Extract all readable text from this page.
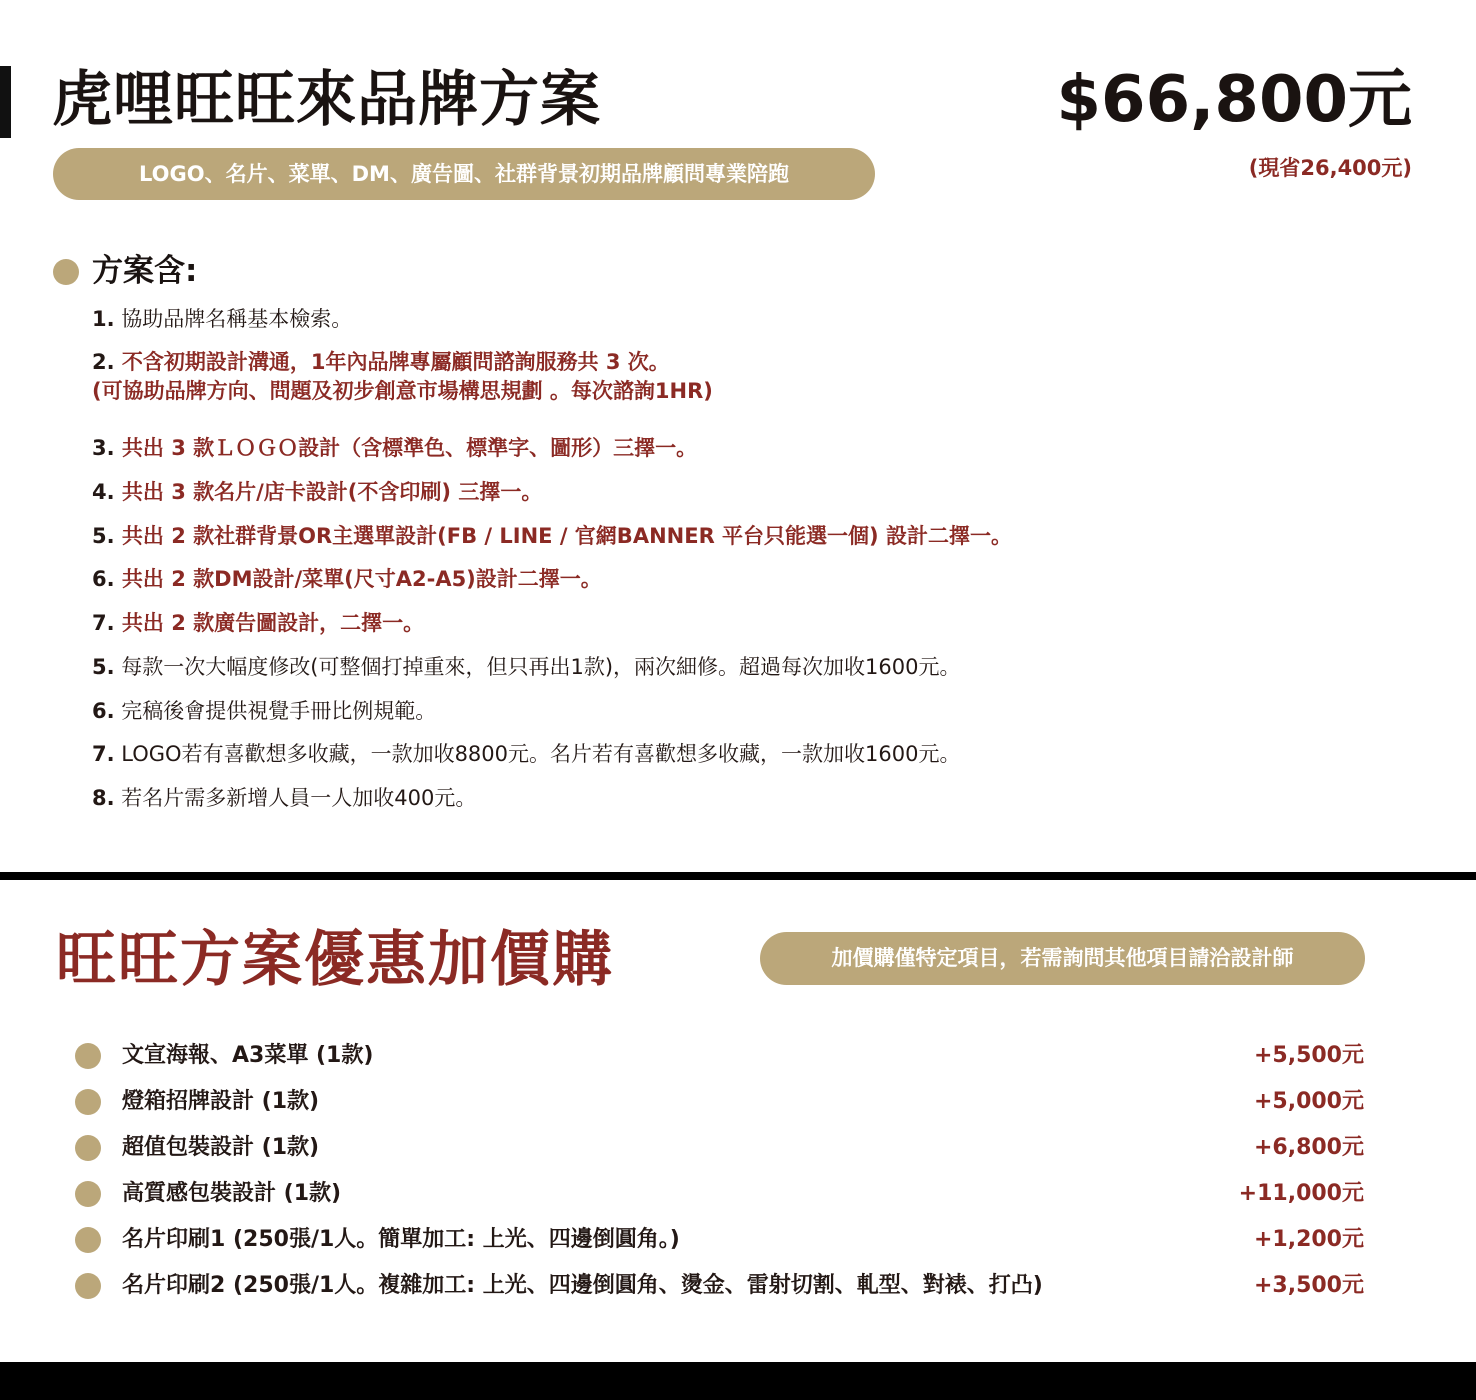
虎哩旺旺來品牌方案	$66,800元
(現省26,400元)
LOGO、名片、菜單、DM、廣告圖、社群背景初期品牌顧問專業陪跑
方案含:
1. 協助品牌名稱基本檢索。
2. 不含初期設計溝通，1年內品牌專屬顧問諮詢服務共 3 次。
(可協助品牌方向、問題及初步創意市場構思規劃 。每次諮詢1HR)
3. 共出 3 款ＬＯＧＯ設計（含標準色、標準字、圖形）三擇一。
4. 共出 3 款名片/店卡設計(不含印刷) 三擇一。
5. 共出 2 款社群背景OR主選單設計(FB / LINE / 官網BANNER 平台只能選一個) 設計二擇一。
6. 共出 2 款DM設計/菜單(尺寸A2-A5)設計二擇一。
7. 共出 2 款廣告圖設計，二擇一。
5. 每款一次大幅度修改(可整個打掉重來，但只再出1款)，兩次細修。超過每次加收1600元。
6. 完稿後會提供視覺手冊比例規範。
7. LOGO若有喜歡想多收藏，一款加收8800元。名片若有喜歡想多收藏，一款加收1600元。
8. 若名片需多新增人員一人加收400元。
旺旺方案優惠加價購	加價購僅特定項目，若需詢問其他項目請洽設計師
文宣海報、A3菜單 (1款)	+5,500元
燈箱招牌設計 (1款)	+5,000元
超值包裝設計 (1款)	+6,800元
高質感包裝設計 (1款)	+11,000元
名片印刷1 (250張/1人。簡單加工: 上光、四邊倒圓角。)	+1,200元
名片印刷2 (250張/1人。複雜加工: 上光、四邊倒圓角、燙金、雷射切割、軋型、對裱、打凸)	+3,500元
